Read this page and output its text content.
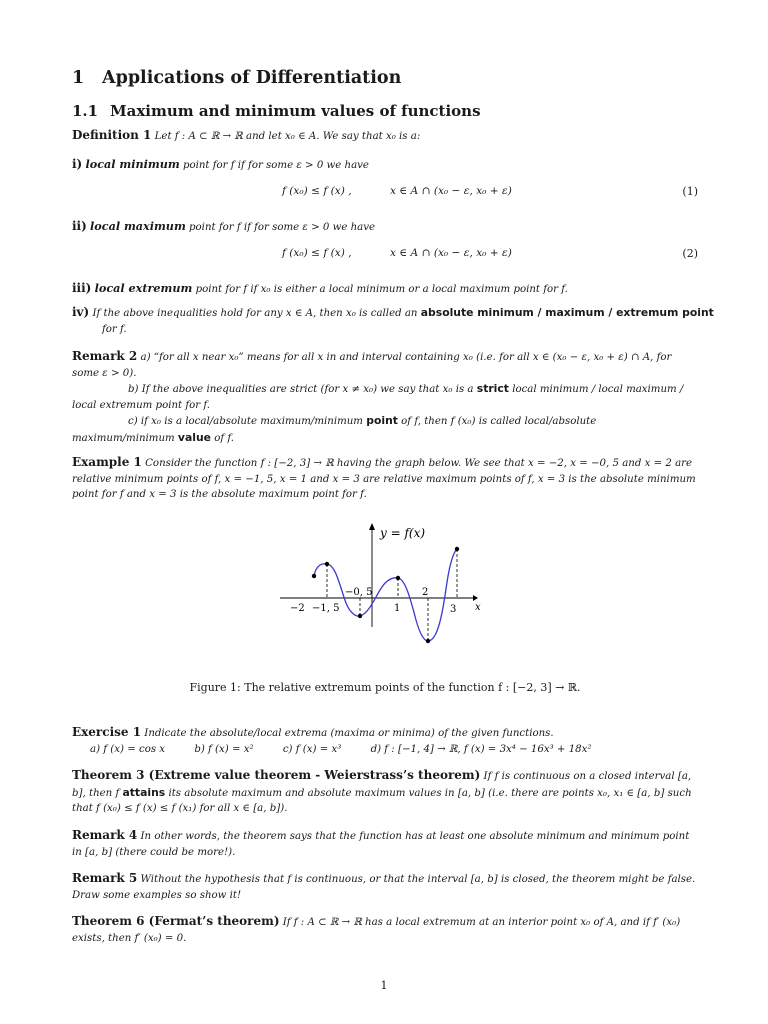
1 Applications of Differentiation
1.1 Maximum and minimum values of functions
Definition 1 Let f : A ⊂ ℝ → ℝ and let x₀ ∈ A. We say that x₀ is a:
i) local minimum point for f if for some ε > 0 we have
f (x₀) ≤ f (x) ,	x ∈ A ∩ (x₀ − ε, x₀ + ε)	(1)
ii) local maximum point for f if for some ε > 0 we have
f (x₀) ≤ f (x) ,	x ∈ A ∩ (x₀ − ε, x₀ + ε)	(2)
iii) local extremum point for f if x₀ is either a local minimum or a local maximum point for f.
iv) If the above inequalities hold for any x ∈ A, then x₀ is called an absolute minimum / maximum / extremum point for f.
Remark 2 a) “for all x near x₀” means for all x in and interval containing x₀ (i.e. for all x ∈ (x₀ − ε, x₀ + ε) ∩ A, for some ε > 0).
b) If the above inequalities are strict (for x ≠ x₀) we say that x₀ is a strict local minimum / local maximum / local extremum point for f.
c) if x₀ is a local/absolute maximum/minimum point of f, then f (x₀) is called local/absolute maximum/minimum value of f.
Example 1 Consider the function f : [−2, 3] → ℝ having the graph below. We see that x = −2, x = −0, 5 and x = 2 are relative minimum points of f, x = −1, 5, x = 1 and x = 3 are relative maximum points of f, x = 3 is the absolute minimum point for f and x = 3 is the absolute maximum point for f.
y = f(x)
x
−2 −1, 5	1	3
−0, 5	2
Figure 1: The relative extremum points of the function f : [−2, 3] → ℝ.
Exercise 1 Indicate the absolute/local extrema (maxima or minima) of the given functions.
a) f (x) = cos x	b) f (x) = x²	c) f (x) = x³	d) f : [−1, 4] → ℝ, f (x) = 3x⁴ − 16x³ + 18x²
Theorem 3 (Extreme value theorem - Weierstrass’s theorem) If f is continuous on a closed interval [a, b], then f attains its absolute maximum and absolute maximum values in [a, b] (i.e. there are points x₀, x₁ ∈ [a, b] such that f (x₀) ≤ f (x) ≤ f (x₁) for all x ∈ [a, b]).
Remark 4 In other words, the theorem says that the function has at least one absolute minimum and minimum point in [a, b] (there could be more!).
Remark 5 Without the hypothesis that f is continuous, or that the interval [a, b] is closed, the theorem might be false. Draw some examples so show it!
Theorem 6 (Fermat’s theorem) If f : A ⊂ ℝ → ℝ has a local extremum at an interior point x₀ of A, and if f′ (x₀) exists, then f′ (x₀) = 0.
1
